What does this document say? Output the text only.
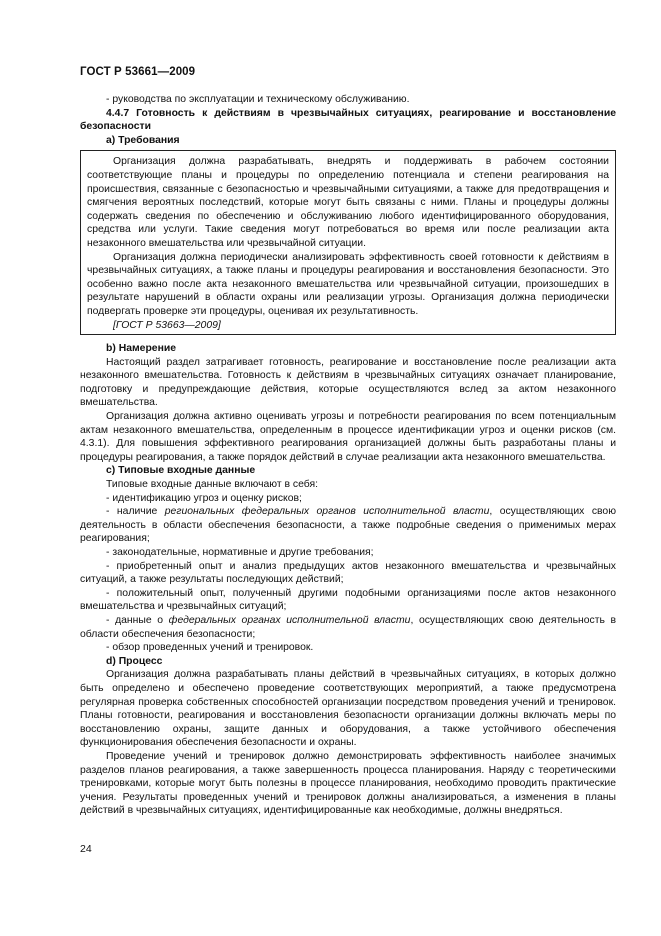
ГОСТ Р 53661—2009

- руководства по эксплуатации и техническому обслуживанию.

4.4.7 Готовность к действиям в чрезвычайных ситуациях, реагирование и восстановление безопасности

а) Требования

Организация должна разрабатывать, внедрять и поддерживать в рабочем состоянии соответствующие планы и процедуры по определению потенциала и степени реагирования на происшествия, связанные с безопасностью и чрезвычайными ситуациями, а также для предотвращения и смягчения вероятных последствий, которые могут быть связаны с ними. Планы и процедуры должны содержать сведения по обеспечению и обслуживанию любого идентифицированного оборудования, средства или услуги. Такие сведения могут потребоваться во время или после реализации акта незаконного вмешательства или чрезвычайной ситуации.

Организация должна периодически анализировать эффективность своей готовности к действиям в чрезвычайных ситуациях, а также планы и процедуры реагирования и восстановления безопасности. Это особенно важно после акта незаконного вмешательства или чрезвычайной ситуации, произошедших в результате нарушений в области охраны или реализации угрозы. Организация должна периодически подвергать проверке эти процедуры, оценивая их результативность.

[ГОСТ Р 53663—2009]

b) Намерение

Настоящий раздел затрагивает готовность, реагирование и восстановление после реализации акта незаконного вмешательства. Готовность к действиям в чрезвычайных ситуациях означает планирование, подготовку и предупреждающие действия, которые осуществляются вслед за актом незаконного вмешательства.

Организация должна активно оценивать угрозы и потребности реагирования по всем потенциальным актам незаконного вмешательства, определенным в процессе идентификации угроз и оценки рисков (см. 4.3.1). Для повышения эффективного реагирования организацией должны быть разработаны планы и процедуры реагирования, а также порядок действий в случае реализации акта незаконного вмешательства.

c) Типовые входные данные

Типовые входные данные включают в себя:

- идентификацию угроз и оценку рисков;

- наличие региональных федеральных органов исполнительной власти, осуществляющих свою деятельность в области обеспечения безопасности, а также подробные сведения о применимых мерах реагирования;

- законодательные, нормативные и другие требования;

- приобретенный опыт и анализ предыдущих актов незаконного вмешательства и чрезвычайных ситуаций, а также результаты последующих действий;

- положительный опыт, полученный другими подобными организациями после актов незаконного вмешательства и чрезвычайных ситуаций;

- данные о федеральных органах исполнительной власти, осуществляющих свою деятельность в области обеспечения безопасности;

- обзор проведенных учений и тренировок.

d) Процесс

Организация должна разрабатывать планы действий в чрезвычайных ситуациях, в которых должно быть определено и обеспечено проведение соответствующих мероприятий, а также предусмотрена регулярная проверка собственных способностей организации посредством проведения учений и тренировок. Планы готовности, реагирования и восстановления безопасности организации должны включать меры по восстановлению охраны, защите данных и оборудования, а также устойчивого обеспечения функционирования обеспечения безопасности и охраны.

Проведение учений и тренировок должно демонстрировать эффективность наиболее значимых разделов планов реагирования, а также завершенность процесса планирования. Наряду с теоретическими тренировками, которые могут быть полезны в процессе планирования, необходимо проводить практические учения. Результаты проведенных учений и тренировок должны анализироваться, а изменения в планы действий в чрезвычайных ситуациях, идентифицированные как необходимые, должны внедряться.

24
